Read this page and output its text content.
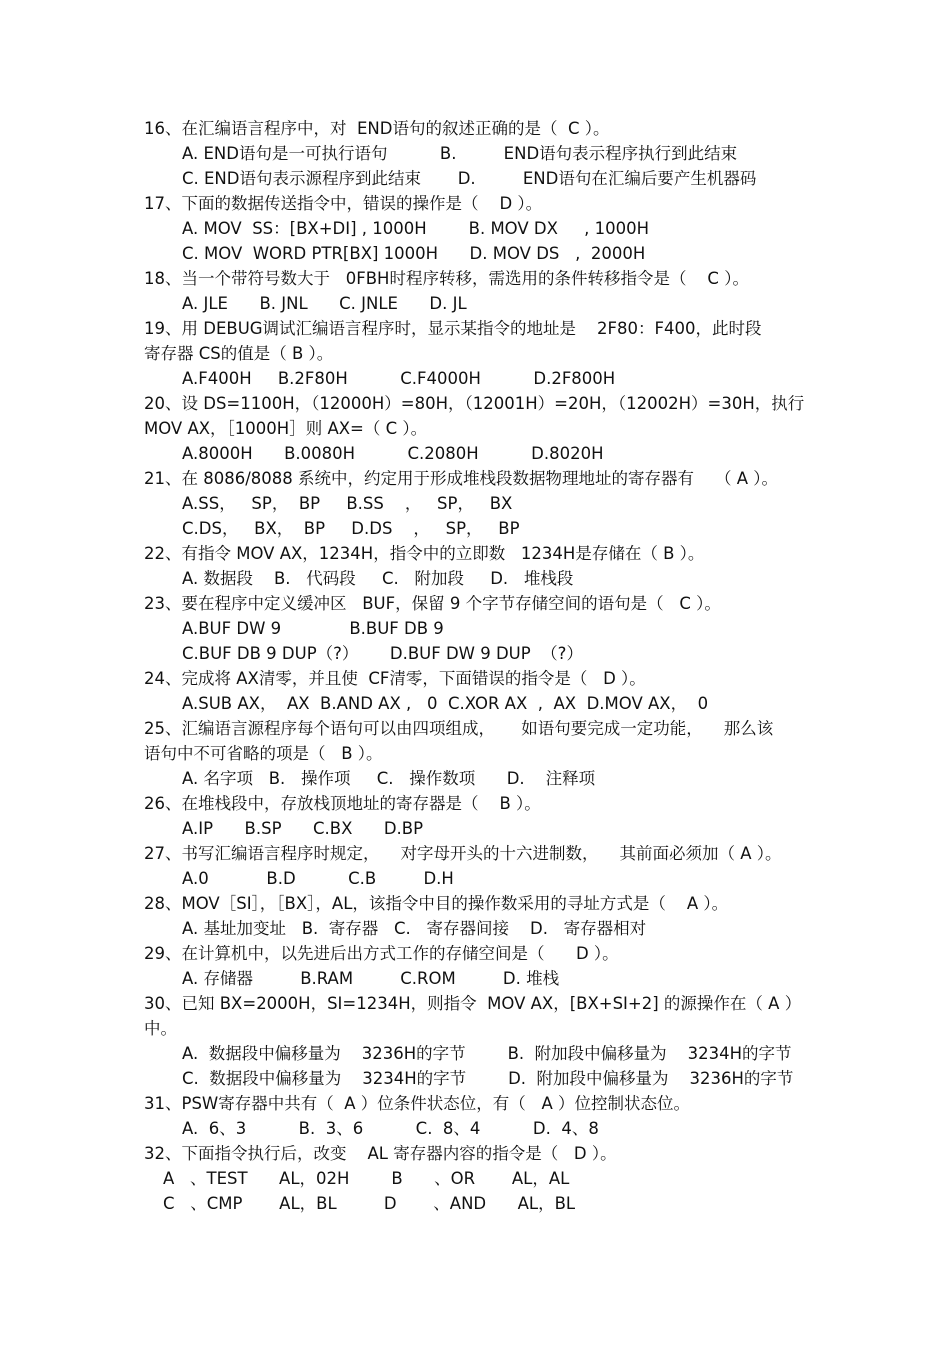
16、在汇编语言程序中，对  END语句的叙述正确的是（  C ）。
A. END语句是一可执行语句          B.         END语句表示程序执行到此结束
C. END语句表示源程序到此结束       D.         END语句在汇编后要产生机器码
17、下面的数据传送指令中，错误的操作是（    D ）。
A. MOV  SS：[BX+DI] , 1000H        B. MOV DX     , 1000H
C. MOV  WORD PTR[BX] 1000H      D. MOV DS   ,  2000H
18、当一个带符号数大于   0FBH时程序转移，需选用的条件转移指令是（    C ）。
A. JLE      B. JNL      C. JNLE      D. JL
19、用 DEBUG调试汇编语言程序时，显示某指令的地址是    2F80：F400，此时段
寄存器 CS的值是（ B ）。
A.F400H     B.2F80H          C.F4000H          D.2F800H
20、设 DS=1100H，（12000H）=80H，（12001H）=20H，（12002H）=30H，执行
MOV AX，［1000H］则 AX=（ C ）。
A.8000H      B.0080H          C.2080H          D.8020H
21、在 8086/8088 系统中，约定用于形成堆栈段数据物理地址的寄存器有    （ A ）。
A.SS，   SP，  BP     B.SS    ，   SP，   BX
C.DS，   BX，  BP     D.DS    ，   SP，   BP
22、有指令 MOV AX，1234H，指令中的立即数   1234H是存储在（ B ）。
A. 数据段    B.   代码段     C.   附加段     D.   堆栈段
23、要在程序中定义缓冲区   BUF，保留 9 个字节存储空间的语句是（   C ）。
A.BUF DW 9             B.BUF DB 9
C.BUF DB 9 DUP（?）      D.BUF DW 9 DUP  （?）
24、完成将 AX清零，并且使  CF清零，下面错误的指令是（   D ）。
A.SUB AX，  AX  B.AND AX ,   0  C.XOR AX  ,  AX  D.MOV AX，  0
25、汇编语言源程序每个语句可以由四项组成，     如语句要完成一定功能，    那么该
语句中不可省略的项是（   B ）。
A. 名字项   B.   操作项     C.   操作数项      D.    注释项
26、在堆栈段中，存放栈顶地址的寄存器是（    B ）。
A.IP      B.SP      C.BX      D.BP
27、书写汇编语言程序时规定，    对字母开头的十六进制数，    其前面必须加（ A ）。
A.0           B.D          C.B         D.H
28、MOV［SI］，［BX］，AL，该指令中目的操作数采用的寻址方式是（    A ）。
A. 基址加变址   B.  寄存器   C.   寄存器间接    D.   寄存器相对
29、在计算机中，以先进后出方式工作的存储空间是（      D ）。
A. 存储器         B.RAM         C.ROM         D. 堆栈
30、已知 BX=2000H，SI=1234H，则指令  MOV AX，[BX+SI+2] 的源操作在（ A ）
中。
A.  数据段中偏移量为    3236H的字节        B.  附加段中偏移量为    3234H的字节
C.  数据段中偏移量为    3234H的字节        D.  附加段中偏移量为    3236H的字节
31、PSW寄存器中共有（  A ）位条件状态位，有（   A ）位控制状态位。
A.  6、3          B.  3、6          C.  8、4          D.  4、8
32、下面指令执行后，改变    AL 寄存器内容的指令是（   D ）。
A   、TEST      AL，02H        B      、OR       AL，AL
C   、CMP       AL，BL         D       、AND      AL，BL
